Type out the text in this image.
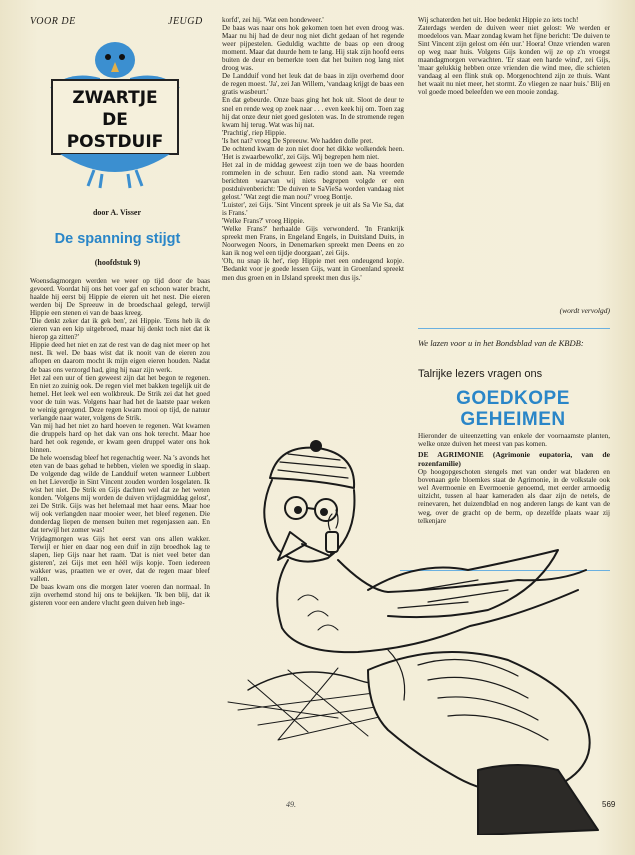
VOOR DE	JEUGD
ZWARTJE
DE
POSTDUIF
door A. Visser
De spanning stijgt
(hoofdstuk 9)

Woensdagmorgen werden we weer op tijd door de baas gevoerd. Voordat hij ons het voer gaf en schoon water bracht, haalde hij eerst bij Hippie de eieren uit het nest. Die eieren werden bij De Spreeuw in de broedschaal gelegd, terwijl Hippie een stenen ei van de baas kreeg.

'Die denkt zeker dat ik gek ben', zei Hippie. 'Eens heb ik de eieren van een kip uitgebroed, maar hij denkt toch niet dat ik hierop ga zitten?'

Hippie deed het niet en zat de rest van de dag niet meer op het nest. Ik wel. De baas wist dat ik nooit van de eieren zou aflopen en daarom mocht ik mijn eigen eieren houden. Nadat de baas ons verzorgd had, ging hij naar zijn werk.

Het zal een uur of tien geweest zijn dat het begon te regenen. En niet zo zuinig ook. De regen viel met bakken tegelijk uit de hemel. Het leek wel een wolkbreuk. De Strik zei dat het goed voor de tuin was. Volgens haar had het de laatste paar weken te weinig geregend. Deze regen kwam mooi op tijd, de natuur verlangde naar water, volgens de Strik.

Van mij had het niet zo hard hoeven te regenen. Wat kwamen die druppels hard op het dak van ons hok terecht. Maar hoe hard het ook regende, er kwam geen druppel water ons hok binnen.

De hele woensdag bleef het regenachtig weer. Na 's avonds het eten van de baas gehad te hebben, vielen we spoedig in slaap. De volgende dag wilde de Landduif weten wanneer Lubbert en het Lieverdje in Sint Vincent zouden worden losgelaten. Ik wist het niet. De Strik en Gijs dachten wel dat ze het weten konden. 'Volgens mij worden de duiven vrijdagmiddag gelost', zei De Strik. Gijs was het helemaal met haar eens. Maar hoe wij ook verlangden naar mooier weer, het bleef regenen. Die donderdag liepen de mensen buiten met regenjassen aan. En dat terwijl het zomer was!

Vrijdagmorgen was Gijs het eerst van ons allen wakker. Terwijl er hier en daar nog een duif in zijn broedhok lag te slapen, liep Gijs naar het raam. 'Dat is niet veel beter dan gisteren', zei Gijs met een héél wijs kopje. Toen iedereen wakker was, praatten we er over, dat de regen maar bleef vallen.

De baas kwam ons die morgen later voeren dan normaal. In zijn overhemd stond hij ons te bekijken. 'Ik ben blij, dat ik gisteren voor een andere vlucht geen duiven heb inge-

korfd', zei hij. 'Wat een hondeweer.'

De baas was naar ons hok gekomen toen het even droog was. Maar nu hij had de deur nog niet dicht gedaan of het regende weer pijpestelen. Geduldig wachtte de baas op een droog moment. Maar dat duurde hem te lang. Hij stak zijn hoofd eens buiten de deur en bemerkte toen dat het buiten nog lang niet droog was.

De Landduif vond het leuk dat de baas in zijn overhemd door de regen moest. 'Ja', zei Jan Willem, 'vandaag krijgt de baas een gratis wasbeurt.'

En dat gebeurde. Onze baas ging het hok uit. Sloot de deur te snel en rende weg op zoek naar . . . even keek hij om. Toen zag hij dat onze deur niet goed gesloten was. In de stromende regen kwam hij terug. Wat was hij nat.

'Prachtig', riep Hippie.

'Is het nat? vroeg De Spreeuw. We hadden dolle pret.

De ochtend kwam de zon niet door het dikke wolkendek heen. 'Het is zwaarbewolkt', zei Gijs. Wij begrepen hem niet.

Het zal in de middag geweest zijn toen we de baas hoorden rommelen in de schuur. Een radio stond aan. Na vreemde berichten waarvan wij niets begrepen volgde er een postduivenbericht: 'De duiven te SaVieSa worden vandaag niet gelost.' 'Wat zegt die man nou?' vroeg Bontje.

'Luister', zei Gijs. 'Sint Vincent spreek je uit als Sa Vie Sa, dat is Frans.'

'Welke Frans?' vroeg Hippie.

'Welke Frans?' herhaalde Gijs verwonderd. 'In Frankrijk spreekt men Frans, in Engeland Engels, in Duitsland Duits, in Noorwegen Noors, in Denemarken spreekt men Deens en zo kan ik nog wel een tijdje doorgaan', zei Gijs.

'Oh, nu snap ik het', riep Hippie met een ondeugend kopje. 'Bedankt voor je goede lessen Gijs, want in Groenland spreekt men dus groen en in IJsland spreekt men dus ijs.'

Wij schaterden het uit. Hoe bedenkt Hippie zo iets toch!

Zaterdags werden de duiven weer niet gelost: We werden er moedeloos van. Maar zondag kwam het fijne bericht: 'De duiven te Sint Vincent zijn gelost om één uur.' Hoera! Onze vrienden waren op weg naar huis. Volgens Gijs konden wij ze op z'n vroegst maandagmorgen verwachten. 'Er staat een harde wind', zei Gijs, 'maar gelukkig hebben onze vrienden die wind mee, die schieten vandaag al een flink stuk op. Morgenochtend zijn ze thuis. Want het waait nu niet meer, het stormt. Zo vliegen ze naar huis.' Blij en vol goede moed beleefden we een mooie zondag.

(wordt vervolgd)
We lazen voor u in het Bondsblad van de KBDB:
Talrijke lezers vragen ons
GOEDKOPE
GEHEIMEN

Hieronder de uiteenzetting van enkele der voornaamste planten, welke onze duiven het meest van pas komen.

DE AGRIMONIE (Agrimonie eupatoria, van de rozenfamilie)

Op hoogopgeschoten stengels met van onder wat bladeren en bovenaan gele bloemkes staat de Agrimonie, in de volkstale ook wel Avermoenie en Evermoenie genoemd, met eerder armoedig uitzicht, tussen al haar kameraden als daar zijn de netels, de reinevaren, het duizendblad en nog anderen langs de kant van de weg, over de gracht op de berm, op dezelfde plaats waar zij telkenjare

49.	569
